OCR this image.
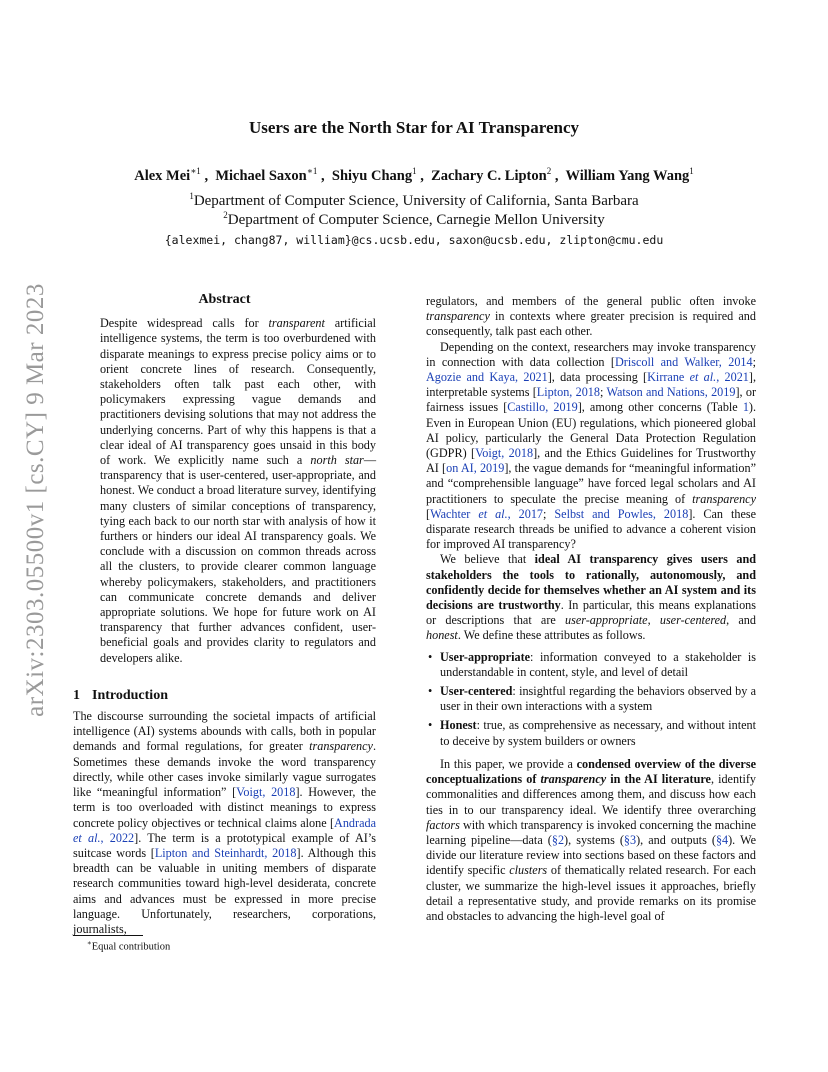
arXiv:2303.05500v1 [cs.CY] 9 Mar 2023
Users are the North Star for AI Transparency
Alex Mei$^{∗1}$ ,  Michael Saxon$^{∗1}$ ,  Shiyu Chang$^1$ ,  Zachary C. Lipton$^2$ ,  William Yang Wang$^1$
$^1$Department of Computer Science, University of California, Santa Barbara
$^2$Department of Computer Science, Carnegie Mellon University
{alexmei, chang87, william}@cs.ucsb.edu, saxon@ucsb.edu, zlipton@cmu.edu
Abstract

Despite widespread calls for transparent artificial intelligence systems, the term is too overburdened with disparate meanings to express precise policy aims or to orient concrete lines of research. Consequently, stakeholders often talk past each other, with policymakers expressing vague demands and practitioners devising solutions that may not address the underlying concerns. Part of why this happens is that a clear ideal of AI transparency goes unsaid in this body of work. We explicitly name such a north star—transparency that is user-centered, user-appropriate, and honest. We conduct a broad literature survey, identifying many clusters of similar conceptions of transparency, tying each back to our north star with analysis of how it furthers or hinders our ideal AI transparency goals. We conclude with a discussion on common threads across all the clusters, to provide clearer common language whereby policymakers, stakeholders, and practitioners can communicate concrete demands and deliver appropriate solutions. We hope for future work on AI transparency that further advances confident, user-beneficial goals and provides clarity to regulators and developers alike.

1 Introduction

The discourse surrounding the societal impacts of artificial intelligence (AI) systems abounds with calls, both in popular demands and formal regulations, for greater transparency. Sometimes these demands invoke the word transparency directly, while other cases invoke similarly vague surrogates like “meaningful information” [Voigt, 2018]. However, the term is too overloaded with distinct meanings to express concrete policy objectives or technical claims alone [Andrada et al., 2022]. The term is a prototypical example of AI’s suitcase words [Lipton and Steinhardt, 2018]. Although this breadth can be valuable in uniting members of disparate research communities toward high-level desiderata, concrete aims and advances must be expressed in more precise language. Unfortunately, researchers, corporations, journalists,

regulators, and members of the general public often invoke transparency in contexts where greater precision is required and consequently, talk past each other.

Depending on the context, researchers may invoke transparency in connection with data collection [Driscoll and Walker, 2014; Agozie and Kaya, 2021], data processing [Kirrane et al., 2021], interpretable systems [Lipton, 2018; Watson and Nations, 2019], or fairness issues [Castillo, 2019], among other concerns (Table 1). Even in European Union (EU) regulations, which pioneered global AI policy, particularly the General Data Protection Regulation (GDPR) [Voigt, 2018], and the Ethics Guidelines for Trustworthy AI [on AI, 2019], the vague demands for “meaningful information” and “comprehensible language” have forced legal scholars and AI practitioners to speculate the precise meaning of transparency [Wachter et al., 2017; Selbst and Powles, 2018]. Can these disparate research threads be unified to advance a coherent vision for improved AI transparency?

We believe that ideal AI transparency gives users and stakeholders the tools to rationally, autonomously, and confidently decide for themselves whether an AI system and its decisions are trustworthy. In particular, this means explanations or descriptions that are user-appropriate, user-centered, and honest. We define these attributes as follows.

• User-appropriate: information conveyed to a stakeholder is understandable in content, style, and level of detail
• User-centered: insightful regarding the behaviors observed by a user in their own interactions with a system
• Honest: true, as comprehensive as necessary, and without intent to deceive by system builders or owners

In this paper, we provide a condensed overview of the diverse conceptualizations of transparency in the AI literature, identify commonalities and differences among them, and discuss how each ties in to our transparency ideal. We identify three overarching factors with which transparency is invoked concerning the machine learning pipeline—data (§2), systems (§3), and outputs (§4). We divide our literature review into sections based on these factors and identify specific clusters of thematically related research. For each cluster, we summarize the high-level issues it approaches, briefly detail a representative study, and provide remarks on its promise and obstacles to advancing the high-level goal of

∗Equal contribution
